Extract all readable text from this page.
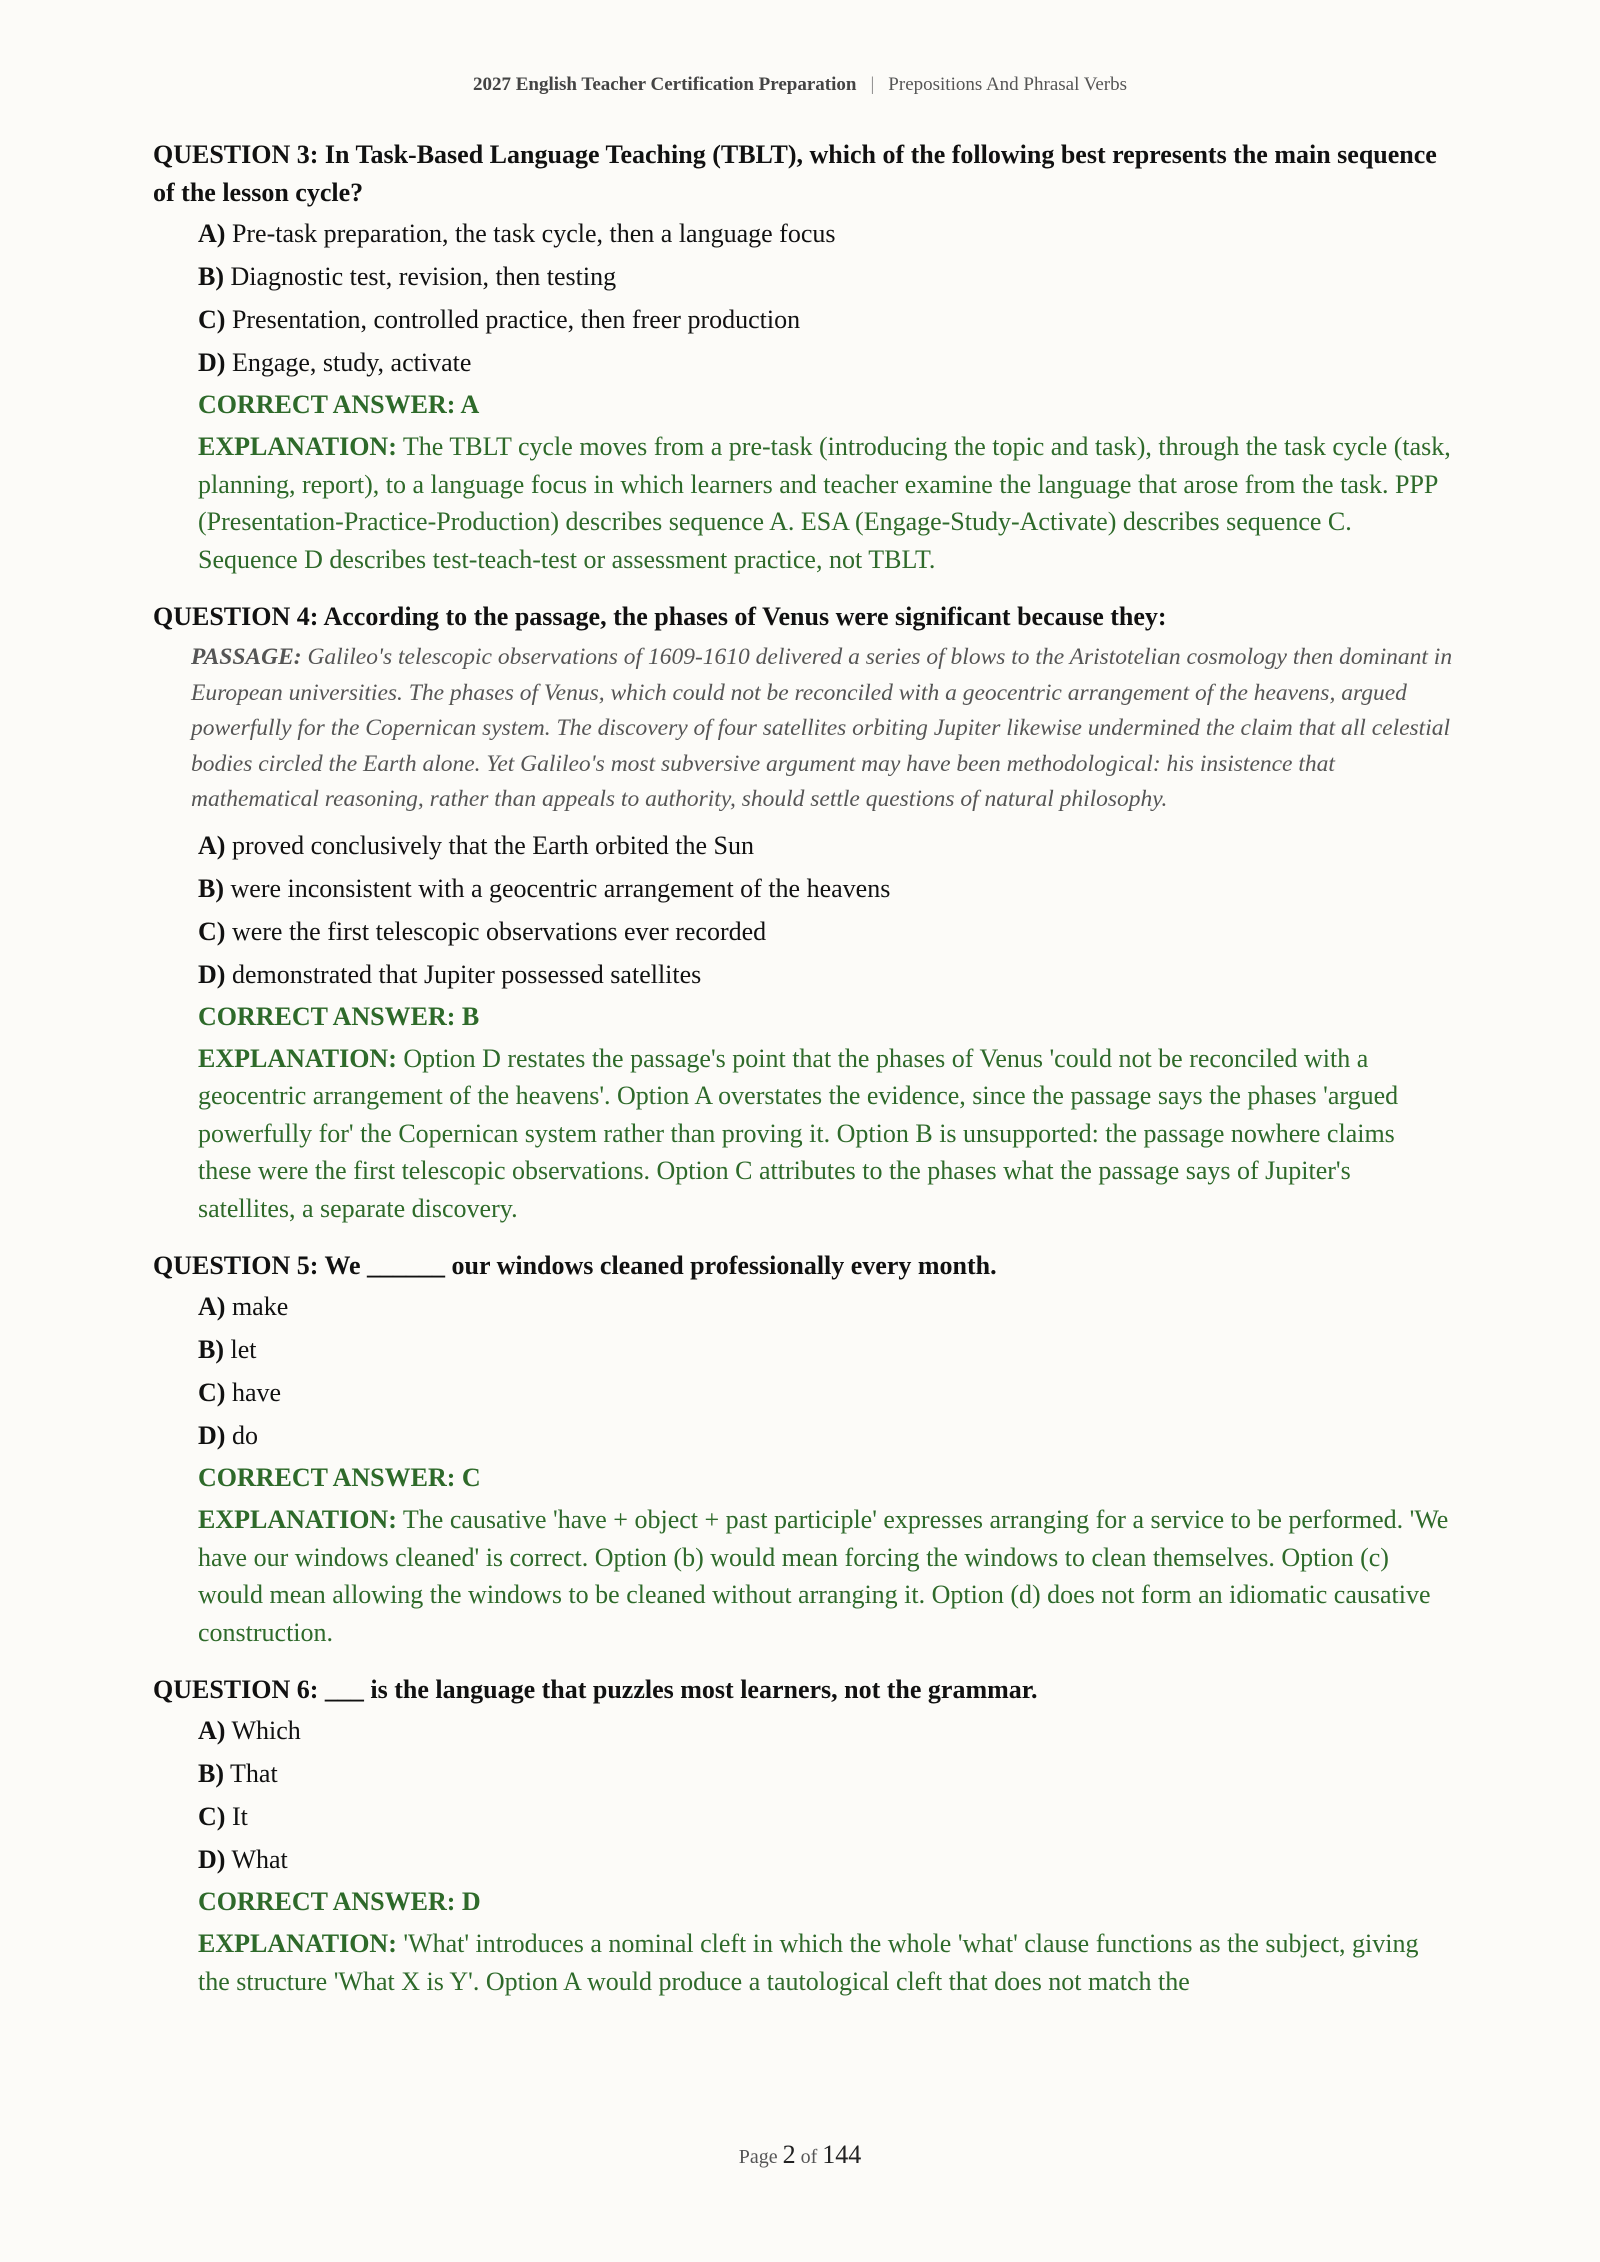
2027 English Teacher Certification Preparation | Prepositions And Phrasal Verbs
QUESTION 3: In Task-Based Language Teaching (TBLT), which of the following best represents the main sequence of the lesson cycle?
A) Pre-task preparation, the task cycle, then a language focus
B) Diagnostic test, revision, then testing
C) Presentation, controlled practice, then freer production
D) Engage, study, activate
CORRECT ANSWER: A
EXPLANATION: The TBLT cycle moves from a pre-task (introducing the topic and task), through the task cycle (task, planning, report), to a language focus in which learners and teacher examine the language that arose from the task. PPP (Presentation-Practice-Production) describes sequence A. ESA (Engage-Study-Activate) describes sequence C. Sequence D describes test-teach-test or assessment practice, not TBLT.
QUESTION 4: According to the passage, the phases of Venus were significant because they:
PASSAGE: Galileo's telescopic observations of 1609-1610 delivered a series of blows to the Aristotelian cosmology then dominant in European universities. The phases of Venus, which could not be reconciled with a geocentric arrangement of the heavens, argued powerfully for the Copernican system. The discovery of four satellites orbiting Jupiter likewise undermined the claim that all celestial bodies circled the Earth alone. Yet Galileo's most subversive argument may have been methodological: his insistence that mathematical reasoning, rather than appeals to authority, should settle questions of natural philosophy.
A) proved conclusively that the Earth orbited the Sun
B) were inconsistent with a geocentric arrangement of the heavens
C) were the first telescopic observations ever recorded
D) demonstrated that Jupiter possessed satellites
CORRECT ANSWER: B
EXPLANATION: Option D restates the passage's point that the phases of Venus 'could not be reconciled with a geocentric arrangement of the heavens'. Option A overstates the evidence, since the passage says the phases 'argued powerfully for' the Copernican system rather than proving it. Option B is unsupported: the passage nowhere claims these were the first telescopic observations. Option C attributes to the phases what the passage says of Jupiter's satellites, a separate discovery.
QUESTION 5: We ______ our windows cleaned professionally every month.
A) make
B) let
C) have
D) do
CORRECT ANSWER: C
EXPLANATION: The causative 'have + object + past participle' expresses arranging for a service to be performed. 'We have our windows cleaned' is correct. Option (b) would mean forcing the windows to clean themselves. Option (c) would mean allowing the windows to be cleaned without arranging it. Option (d) does not form an idiomatic causative construction.
QUESTION 6: ___ is the language that puzzles most learners, not the grammar.
A) Which
B) That
C) It
D) What
CORRECT ANSWER: D
EXPLANATION: 'What' introduces a nominal cleft in which the whole 'what' clause functions as the subject, giving the structure 'What X is Y'. Option A would produce a tautological cleft that does not match the
Page 2 of 144
